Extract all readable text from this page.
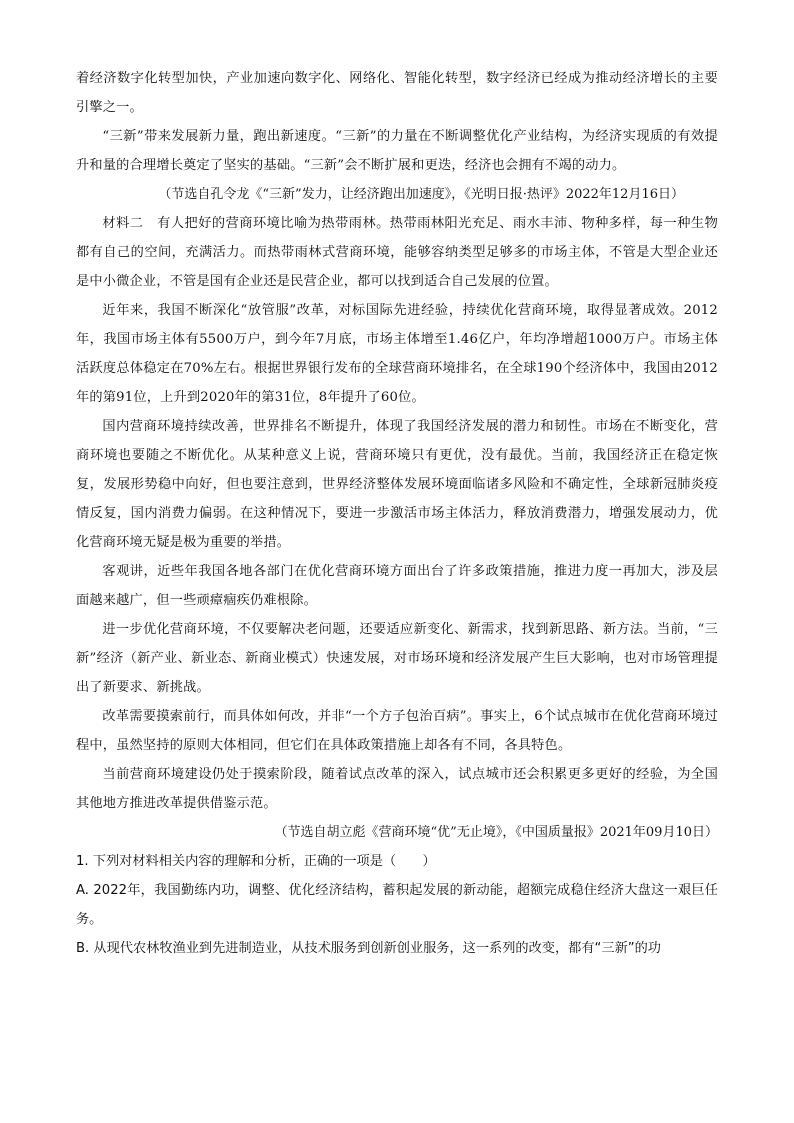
着经济数字化转型加快，产业加速向数字化、网络化、智能化转型，数字经济已经成为推动经济增长的主要引擎之一。

“三新”带来发展新力量，跑出新速度。“三新”的力量在不断调整优化产业结构，为经济实现质的有效提升和量的合理增长奠定了坚实的基础。“三新”会不断扩展和更迭，经济也会拥有不竭的动力。

（节选自孔令龙《“三新”发力，让经济跑出加速度》，《光明日报·热评》2022年12月16日）

材料二　有人把好的营商环境比喻为热带雨林。热带雨林阳光充足、雨水丰沛、物种多样，每一种生物都有自己的空间，充满活力。而热带雨林式营商环境，能够容纳类型足够多的市场主体，不管是大型企业还是中小微企业，不管是国有企业还是民营企业，都可以找到适合自己发展的位置。

近年来，我国不断深化“放管服”改革，对标国际先进经验，持续优化营商环境，取得显著成效。2012年，我国市场主体有5500万户，到今年7月底，市场主体增至1.46亿户，年均净增超1000万户。市场主体活跃度总体稳定在70%左右。根据世界银行发布的全球营商环境排名，在全球190个经济体中，我国由2012年的第91位，上升到2020年的第31位，8年提升了60位。

国内营商环境持续改善，世界排名不断提升，体现了我国经济发展的潜力和韧性。市场在不断变化，营商环境也要随之不断优化。从某种意义上说，营商环境只有更优，没有最优。当前，我国经济正在稳定恢复，发展形势稳中向好，但也要注意到，世界经济整体发展环境面临诸多风险和不确定性，全球新冠肺炎疫情反复，国内消费力偏弱。在这种情况下，要进一步激活市场主体活力，释放消费潜力，增强发展动力，优化营商环境无疑是极为重要的举措。

客观讲，近些年我国各地各部门在优化营商环境方面出台了许多政策措施，推进力度一再加大，涉及层面越来越广，但一些顽瘴痼疾仍难根除。

进一步优化营商环境，不仅要解决老问题，还要适应新变化、新需求，找到新思路、新方法。当前，“三新”经济（新产业、新业态、新商业模式）快速发展，对市场环境和经济发展产生巨大影响，也对市场管理提出了新要求、新挑战。

改革需要摸索前行，而具体如何改，并非“一个方子包治百病”。事实上，6个试点城市在优化营商环境过程中，虽然坚持的原则大体相同，但它们在具体政策措施上却各有不同，各具特色。

当前营商环境建设仍处于摸索阶段，随着试点改革的深入，试点城市还会积累更多更好的经验，为全国其他地方推进改革提供借鉴示范。

（节选自胡立彪《营商环境“优”无止境》，《中国质量报》2021年09月10日）

1. 下列对材料相关内容的理解和分析，正确的一项是（　　）

A. 2022年，我国勤练内功，调整、优化经济结构，蓄积起发展的新动能，超额完成稳住经济大盘这一艰巨任务。

B. 从现代农林牧渔业到先进制造业，从技术服务到创新创业服务，这一系列的改变，都有“三新”的功
